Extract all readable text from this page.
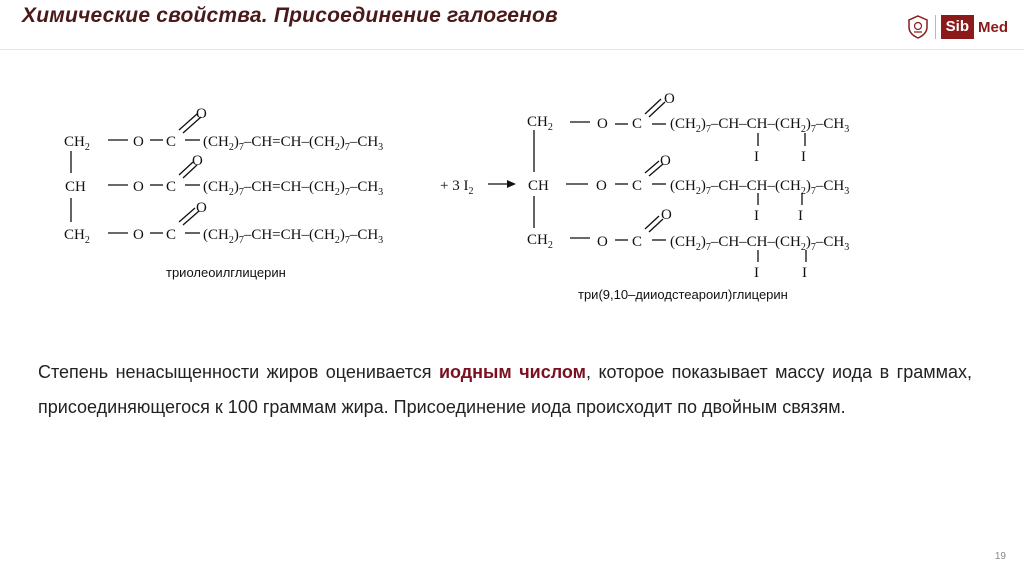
Химические свойства. Присоединение галогенов	Sib Med
$CH_2$
CH
$CH_2$
O
O
O
C
C
C
O
O
O
$(CH_2)_7-CH=CH-(CH_2)_7-CH_3$
$(CH_2)_7-CH=CH-(CH_2)_7-CH_3$
$(CH_2)_7-CH=CH-(CH_2)_7-CH_3$
+ 3 $I_2$
$CH_2$
CH
$CH_2$
O
O
O
C
C
C
O
O
O
$(CH_2)_7-CH-CH-(CH_2)_7-CH_3$
$(CH_2)_7-CH-CH-(CH_2)_7-CH_3$
$(CH_2)_7-CH-CH-(CH_2)_7-CH_3$
I	I
I	I
I	I
триолеоилглицерин
три(9,10–дииодстеароил)глицерин
Степень ненасыщенности жиров оценивается иодным числом, которое показывает массу иода в граммах, присоединяющегося к 100 граммам жира. Присоединение иода происходит по двойным связям.
19
